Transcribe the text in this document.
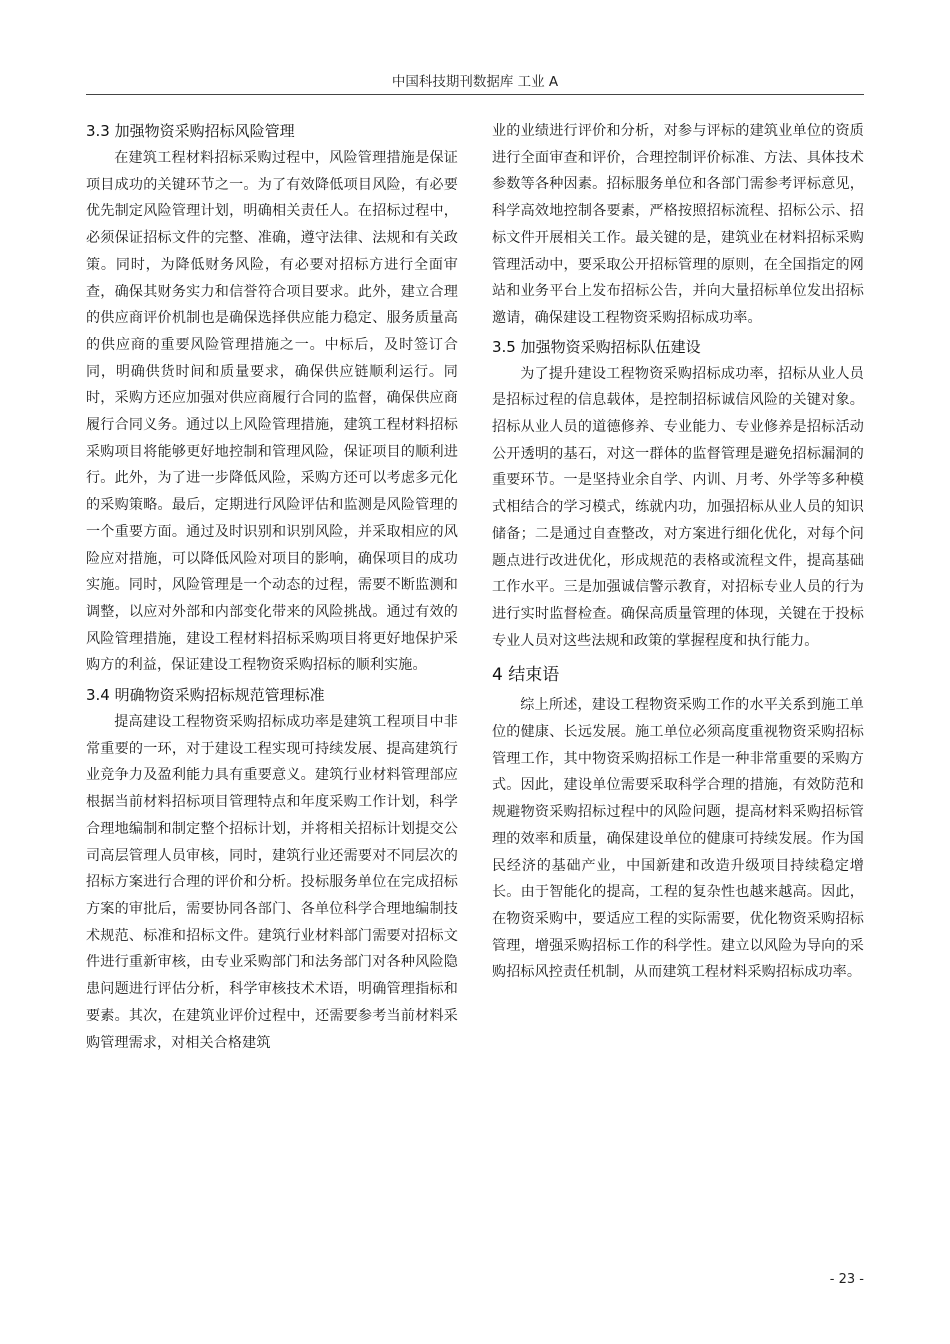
中国科技期刊数据库 工业 A
3.3 加强物资采购招标风险管理

在建筑工程材料招标采购过程中，风险管理措施是保证项目成功的关键环节之一。为了有效降低项目风险，有必要优先制定风险管理计划，明确相关责任人。在招标过程中，必须保证招标文件的完整、准确，遵守法律、法规和有关政策。同时，为降低财务风险，有必要对招标方进行全面审查，确保其财务实力和信誉符合项目要求。此外，建立合理的供应商评价机制也是确保选择供应能力稳定、服务质量高的供应商的重要风险管理措施之一。中标后，及时签订合同，明确供货时间和质量要求，确保供应链顺利运行。同时，采购方还应加强对供应商履行合同的监督，确保供应商履行合同义务。通过以上风险管理措施，建筑工程材料招标采购项目将能够更好地控制和管理风险，保证项目的顺利进行。此外，为了进一步降低风险，采购方还可以考虑多元化的采购策略。最后，定期进行风险评估和监测是风险管理的一个重要方面。通过及时识别和识别风险，并采取相应的风险应对措施，可以降低风险对项目的影响，确保项目的成功实施。同时，风险管理是一个动态的过程，需要不断监测和调整，以应对外部和内部变化带来的风险挑战。通过有效的风险管理措施，建设工程材料招标采购项目将更好地保护采购方的利益，保证建设工程物资采购招标的顺利实施。

3.4 明确物资采购招标规范管理标准

提高建设工程物资采购招标成功率是建筑工程项目中非常重要的一环，对于建设工程实现可持续发展、提高建筑行业竞争力及盈利能力具有重要意义。建筑行业材料管理部应根据当前材料招标项目管理特点和年度采购工作计划，科学合理地编制和制定整个招标计划，并将相关招标计划提交公司高层管理人员审核，同时，建筑行业还需要对不同层次的招标方案进行合理的评价和分析。投标服务单位在完成招标方案的审批后，需要协同各部门、各单位科学合理地编制技术规范、标准和招标文件。建筑行业材料部门需要对招标文件进行重新审核，由专业采购部门和法务部门对各种风险隐患问题进行评估分析，科学审核技术术语，明确管理指标和要素。其次，在建筑业评价过程中，还需要参考当前材料采购管理需求，对相关合格建筑

业的业绩进行评价和分析，对参与评标的建筑业单位的资质进行全面审查和评价，合理控制评价标准、方法、具体技术参数等各种因素。招标服务单位和各部门需参考评标意见，科学高效地控制各要素，严格按照招标流程、招标公示、招标文件开展相关工作。最关键的是，建筑业在材料招标采购管理活动中，要采取公开招标管理的原则，在全国指定的网站和业务平台上发布招标公告，并向大量招标单位发出招标邀请，确保建设工程物资采购招标成功率。

3.5 加强物资采购招标队伍建设

为了提升建设工程物资采购招标成功率，招标从业人员是招标过程的信息载体，是控制招标诚信风险的关键对象。招标从业人员的道德修养、专业能力、专业修养是招标活动公开透明的基石，对这一群体的监督管理是避免招标漏洞的重要环节。一是坚持业余自学、内训、月考、外学等多种模式相结合的学习模式，练就内功，加强招标从业人员的知识储备；二是通过自查整改，对方案进行细化优化，对每个问题点进行改进优化，形成规范的表格或流程文件，提高基础工作水平。三是加强诚信警示教育，对招标专业人员的行为进行实时监督检查。确保高质量管理的体现，关键在于投标专业人员对这些法规和政策的掌握程度和执行能力。

4 结束语

综上所述，建设工程物资采购工作的水平关系到施工单位的健康、长远发展。施工单位必须高度重视物资采购招标管理工作，其中物资采购招标工作是一种非常重要的采购方式。因此，建设单位需要采取科学合理的措施，有效防范和规避物资采购招标过程中的风险问题，提高材料采购招标管理的效率和质量，确保建设单位的健康可持续发展。作为国民经济的基础产业，中国新建和改造升级项目持续稳定增长。由于智能化的提高，工程的复杂性也越来越高。因此，在物资采购中，要适应工程的实际需要，优化物资采购招标管理，增强采购招标工作的科学性。建立以风险为导向的采购招标风控责任机制，从而建筑工程材料采购招标成功率。

- 23 -
